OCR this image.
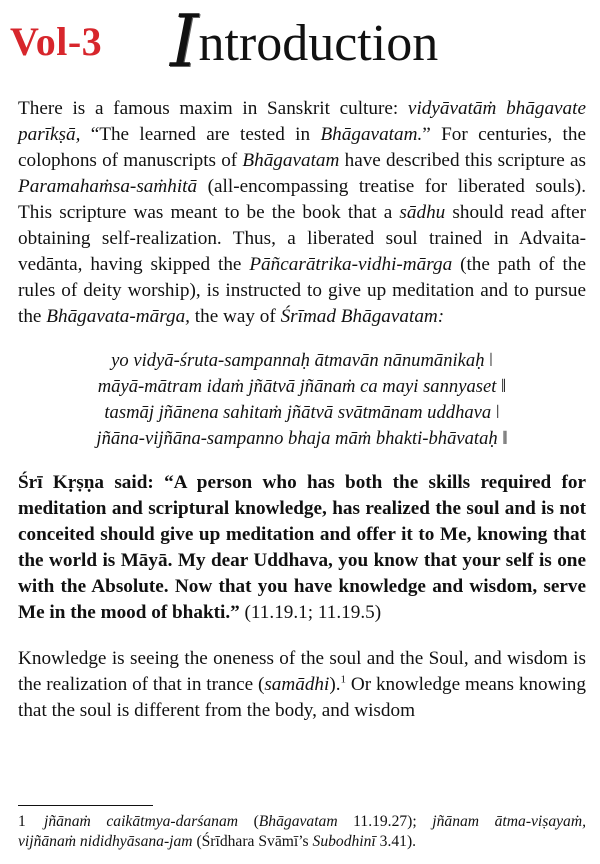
Vol-3 Introduction

There is a famous maxim in Sanskrit culture: vidyāvatāṁ bhāgavate parīkṣā, “The learned are tested in Bhāgavatam.” For centuries, the colophons of manuscripts of Bhāgavatam have described this scripture as Paramahaṁsa-saṁhitā (all-encompassing treatise for liberated souls). This scripture was meant to be the book that a sādhu should read after obtaining self-realization. Thus, a liberated soul trained in Advaita-vedānta, having skipped the Pāñcarātrika-vidhi-mārga (the path of the rules of deity worship), is instructed to give up meditation and to pursue the Bhāgavata-mārga, the way of Śrīmad Bhāgavatam:

yo vidyā-śruta-sampannaḥ ātmavān nānumānikaḥ ǀ
māyā-mātram idaṁ jñātvā jñānaṁ ca mayi sannyaset ǁ
tasmāj jñānena sahitaṁ jñātvā svātmānam uddhava ǀ
jñāna-vijñāna-sampanno bhaja māṁ bhakti-bhāvataḥ ǁ

Śrī Kṛṣṇa said: “A person who has both the skills required for meditation and scriptural knowledge, has realized the soul and is not conceited should give up meditation and offer it to Me, knowing that the world is Māyā. My dear Uddhava, you know that your self is one with the Absolute. Now that you have knowledge and wisdom, serve Me in the mood of bhakti.” (11.19.1; 11.19.5)

Knowledge is seeing the oneness of the soul and the Soul, and wisdom is the realization of that in trance (samādhi).$^1$ Or knowledge means knowing that the soul is different from the body, and wisdom

1 jñānaṁ caikātmya-darśanam (Bhāgavatam 11.19.27); jñānam ātma-viṣayaṁ, vijñānaṁ nididhyāsana-jam (Śrīdhara Svāmī’s Subodhinī 3.41).
